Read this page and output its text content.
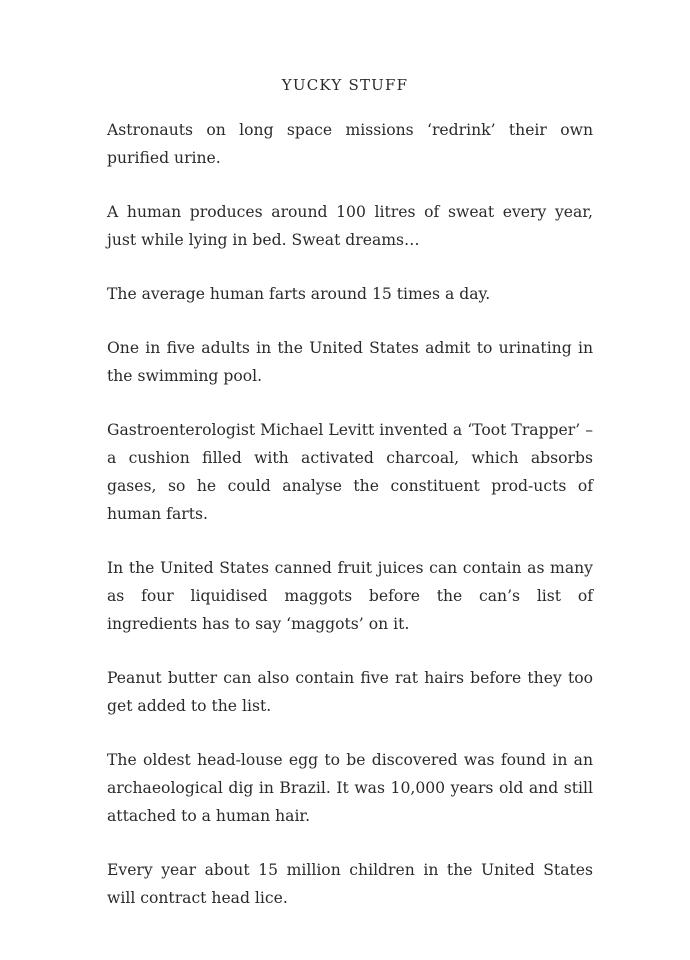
YUCKY STUFF

Astronauts on long space missions ‘redrink’ their own purified urine.

A human produces around 100 litres of sweat every year, just while lying in bed. Sweat dreams…

The average human farts around 15 times a day.

One in five adults in the United States admit to urinating in the swimming pool.

Gastroenterologist Michael Levitt invented a ‘Toot Trapper’ – a cushion filled with activated charcoal, which absorbs gases, so he could analyse the constituent prod-ucts of human farts.

In the United States canned fruit juices can contain as many as four liquidised maggots before the can’s list of ingredients has to say ‘maggots’ on it.

Peanut butter can also contain five rat hairs before they too get added to the list.

The oldest head-louse egg to be discovered was found in an archaeological dig in Brazil. It was 10,000 years old and still attached to a human hair.

Every year about 15 million children in the United States will contract head lice.
